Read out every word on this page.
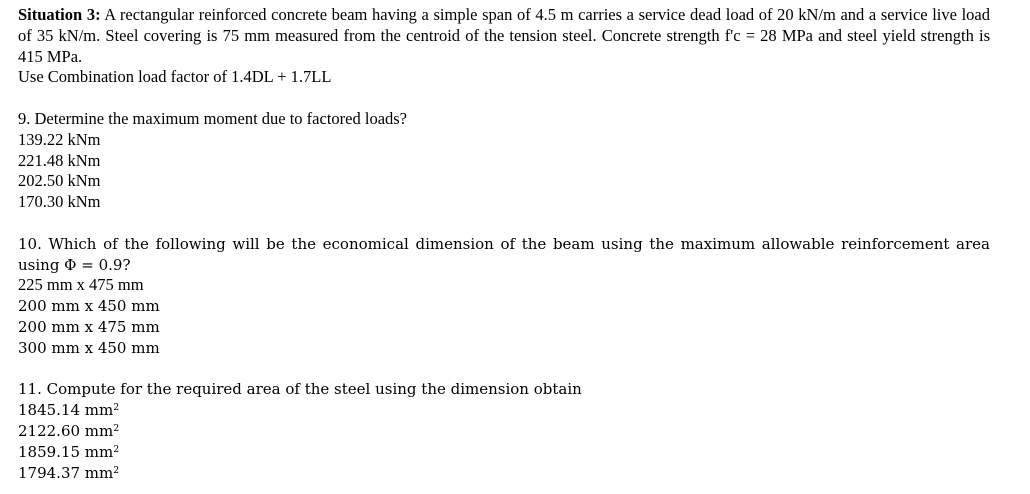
Situation 3: A rectangular reinforced concrete beam having a simple span of 4.5 m carries a service dead load of 20 kN/m and a service live load of 35 kN/m. Steel covering is 75 mm measured from the centroid of the tension steel. Concrete strength f'c = 28 MPa and steel yield strength is 415 MPa.

Use Combination load factor of 1.4DL + 1.7LL

9. Determine the maximum moment due to factored loads?

139.22 kNm
221.48 kNm
202.50 kNm
170.30 kNm

10. Which of the following will be the economical dimension of the beam using the maximum allowable reinforcement area using Φ = 0.9?

225 mm x 475 mm
200 mm x 450 mm
200 mm x 475 mm
300 mm x 450 mm

11. Compute for the required area of the steel using the dimension obtain

1845.14 $mm^2$
2122.60 $mm^2$
1859.15 $mm^2$
1794.37 $mm^2$
